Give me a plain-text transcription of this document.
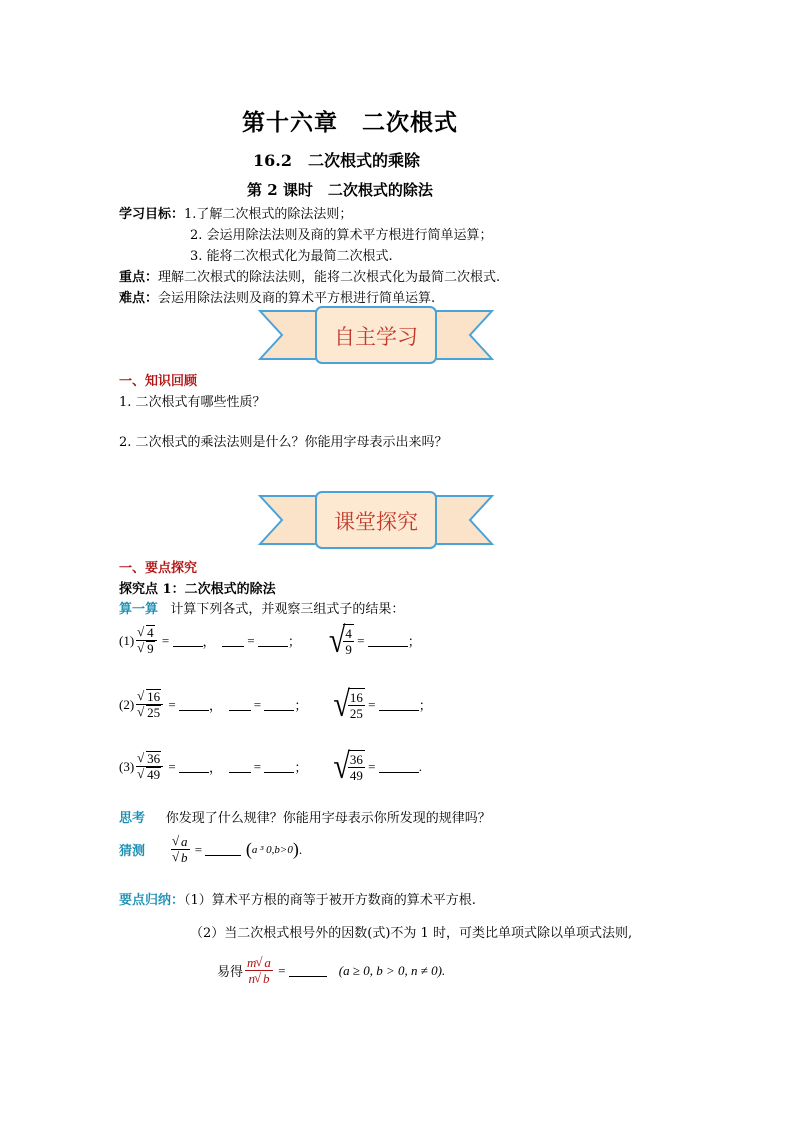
第十六章　二次根式
16.2　二次根式的乘除
第 2 课时　二次根式的除法
学习目标：1.了解二次根式的除法法则；
2. 会运用除法法则及商的算术平方根进行简单运算；
3. 能将二次根式化为最简二次根式.
重点：理解二次根式的除法法则，能将二次根式化为最简二次根式.
难点：会运用除法法则及商的算术平方根进行简单运算.
自主学习
一、知识回顾
1. 二次根式有哪些性质？
2. 二次根式的乘法法则是什么？你能用字母表示出来吗？
课堂探究
一、要点探究
探究点 1：二次根式的除法
算一算 计算下列各式，并观察三组式子的结果：
(1) √ 4
√ 9 = ，
= ； √
$\frac{4}{9}$ =	；
(2) √ 16
√ 25 = ，
= ； √
$\frac{16}{25}$ =	；
(3) √ 36
√ 49 = ，
= ； √
$\frac{36}{49}$ =	.
思考 你发现了什么规律？你能用字母表示你所发现的规律吗？
猜测 √ a
√ b = ( a ³ 0,b>0 ) .
要点归纳：（1）算术平方根的商等于被开方数商的算术平方根.
（2）当二次根式根号外的因数(式)不为 1 时，可类比单项式除以单项式法则,
易得 $\frac{m √ a}{n √ b}$ =	(a ≥ 0, b > 0, n ≠ 0).
